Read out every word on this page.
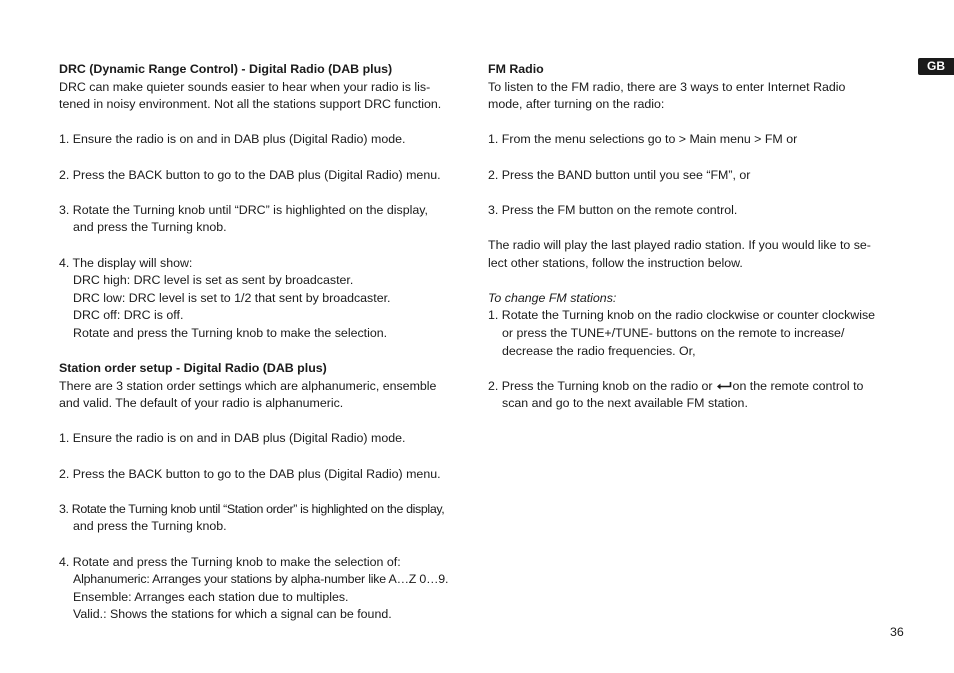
GB

DRC (Dynamic Range Control) - Digital Radio (DAB plus)

DRC can make quieter sounds easier to hear when your radio is lis-

tened in noisy environment. Not all the stations support DRC function.

1. Ensure the radio is on and in DAB plus (Digital Radio) mode.

2. Press the BACK button to go to the DAB plus (Digital Radio) menu.

3. Rotate the Turning knob until “DRC” is highlighted on the display,

and press the Turning knob.

4. The display will show:

DRC high: DRC level is set as sent by broadcaster.

DRC low: DRC level is set to 1/2 that sent by broadcaster.

DRC off: DRC is off.

Rotate and press the Turning knob to make the selection.

Station order setup - Digital Radio (DAB plus)

There are 3 station order settings which are alphanumeric, ensemble

and valid. The default of your radio is alphanumeric.

1. Ensure the radio is on and in DAB plus (Digital Radio) mode.

2. Press the BACK button to go to the DAB plus (Digital Radio) menu.

3. Rotate the Turning knob until “Station order” is highlighted on the display,

and press the Turning knob.

4. Rotate and press the Turning knob to make the selection of:

Alphanumeric: Arranges your stations by alpha-number like A…Z 0…9.

Ensemble: Arranges each station due to multiples.

Valid.: Shows the stations for which a signal can be found.

FM Radio

To listen to the FM radio, there are 3 ways to enter Internet Radio

mode, after turning on the radio:

1. From the menu selections go to > Main menu > FM or

2. Press the BAND button until you see “FM”, or

3. Press the FM button on the remote control.

The radio will play the last played radio station. If you would like to se-

lect other stations, follow the instruction below.

To change FM stations:

1. Rotate the Turning knob on the radio clockwise or counter clockwise

or press the TUNE+/TUNE- buttons on the remote to increase/

decrease the radio frequencies. Or,

2. Press the Turning knob on the radio or on the remote control to

scan and go to the next available FM station.

36
